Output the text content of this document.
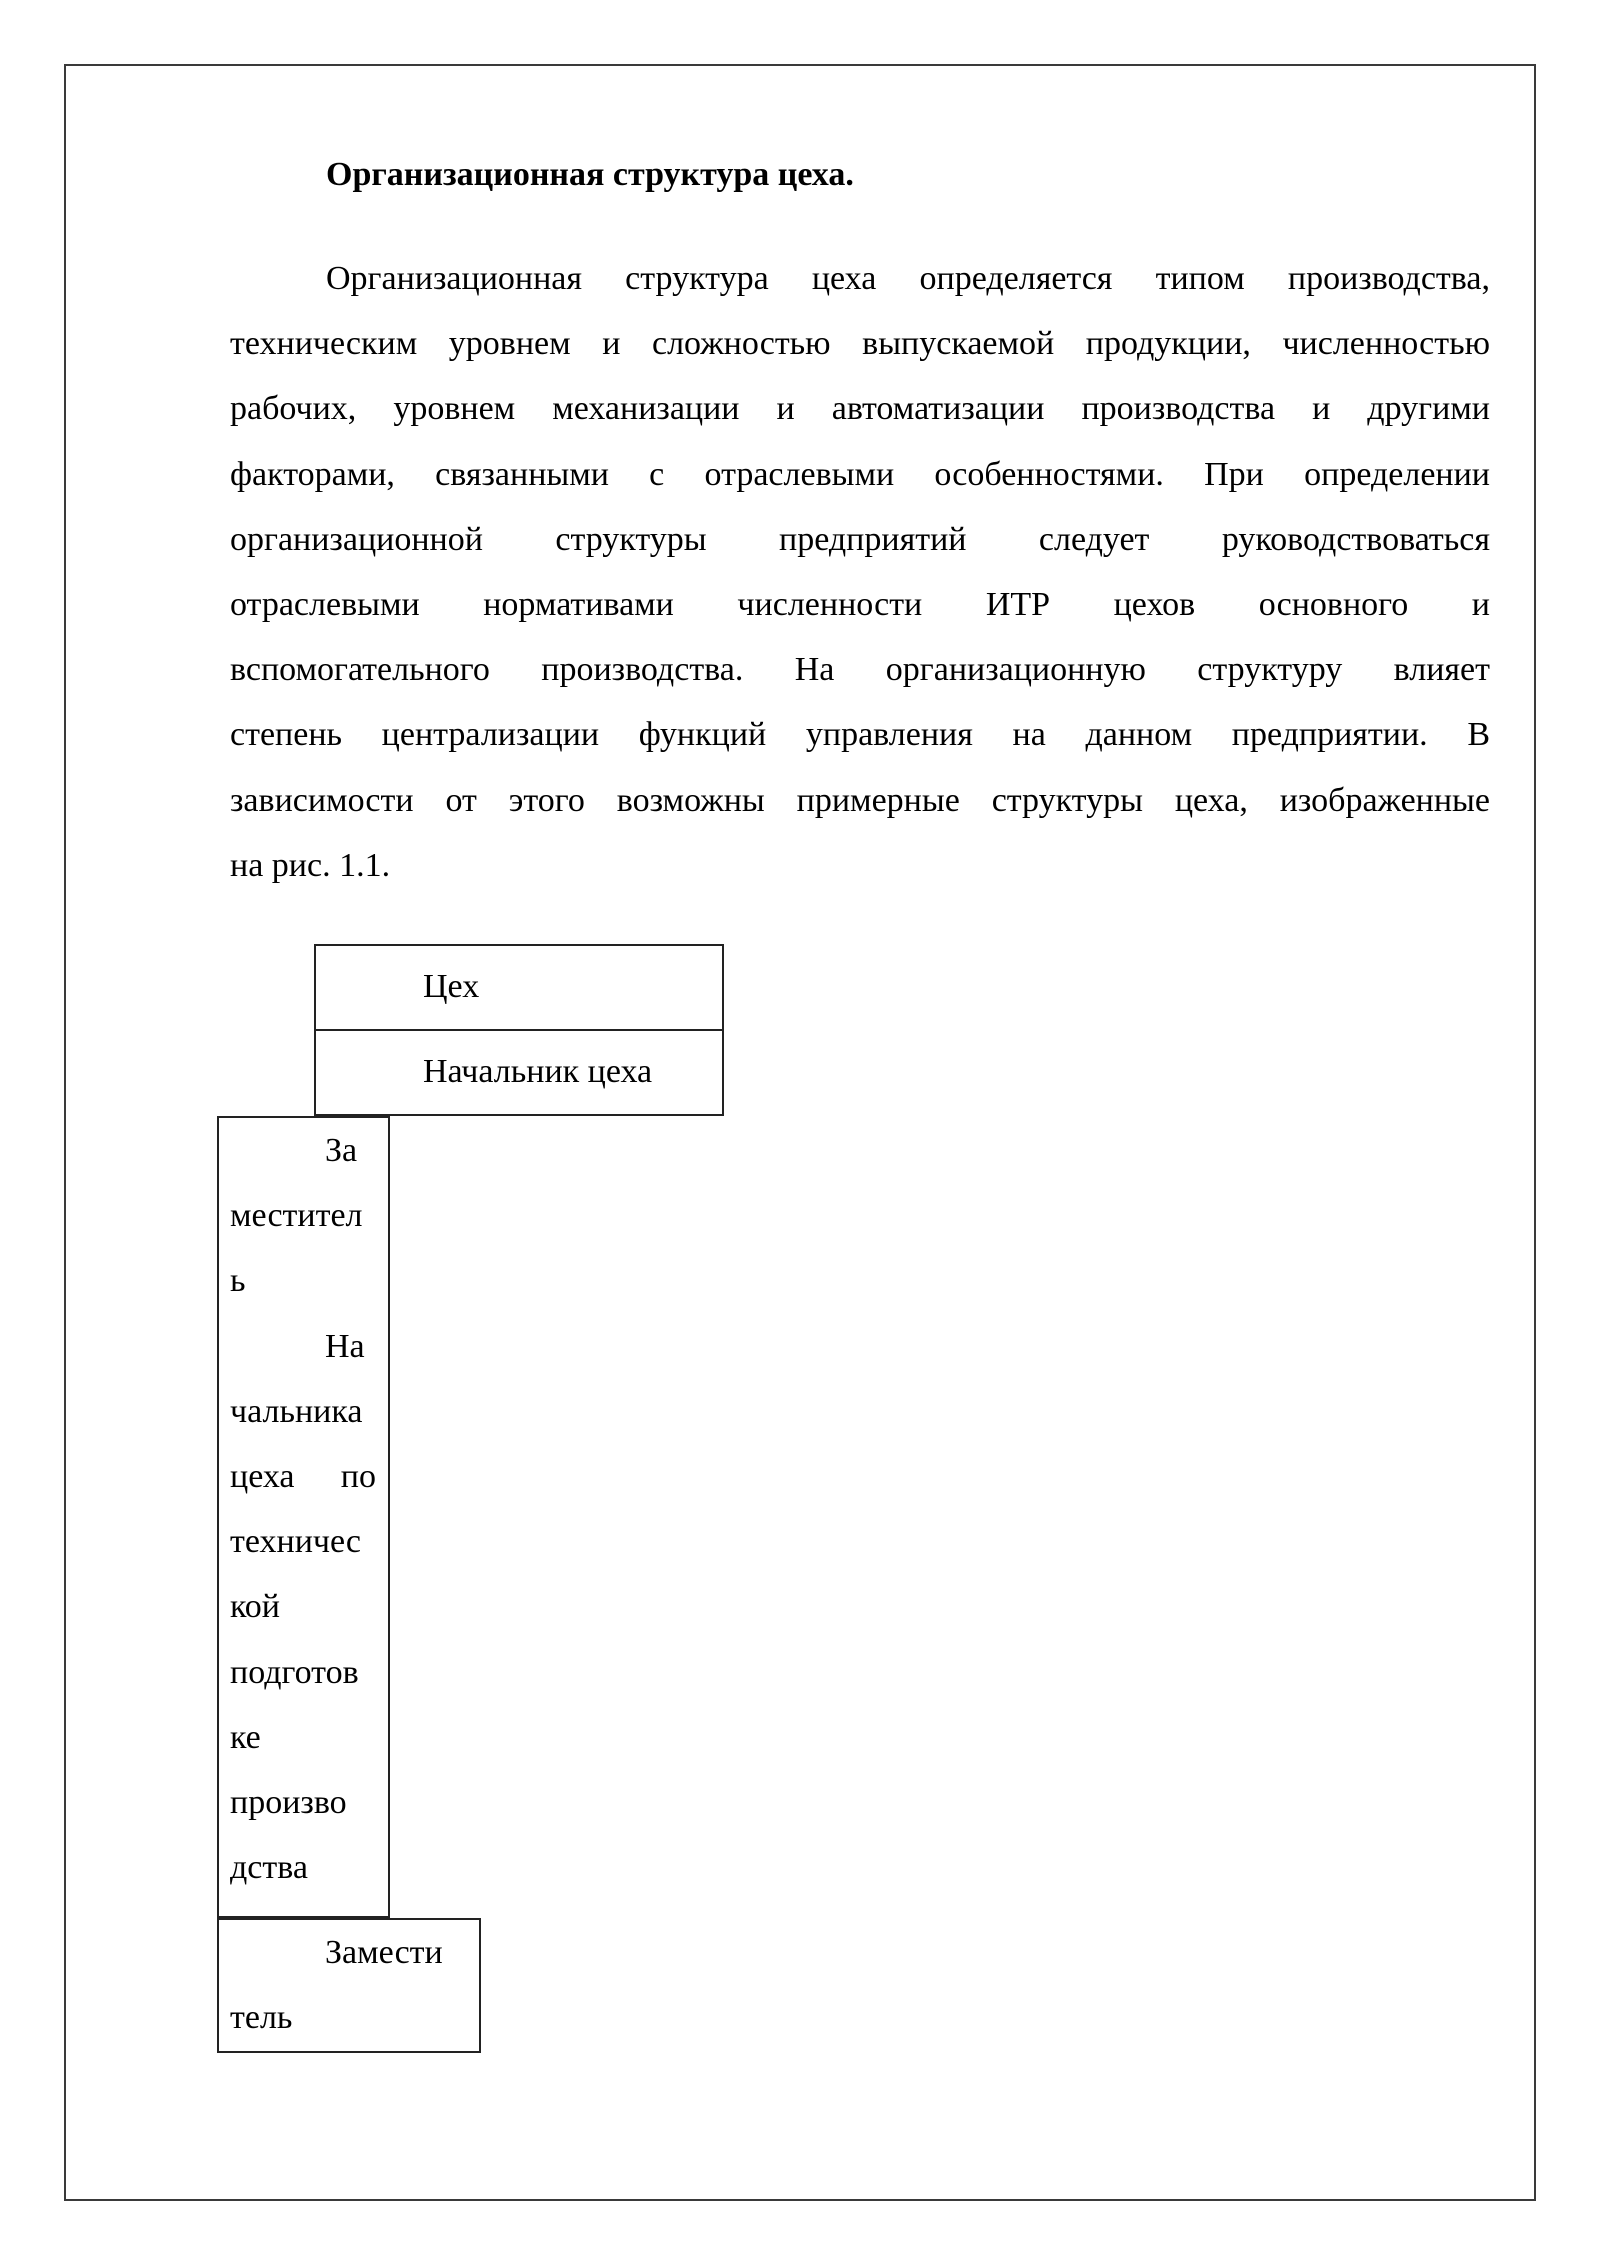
Организационная структура цеха.
Организационная структура цеха определяется типом производства,
техническим уровнем и сложностью выпускаемой продукции, численностью
рабочих, уровнем механизации и автоматизации производства и другими
факторами, связанными с отраслевыми особенностями. При определении
организационной структуры предприятий следует руководствоваться
отраслевыми нормативами численности ИТР цехов основного и
вспомогательного производства. На организационную структуру влияет
степень централизации функций управления на данном предприятии. В
зависимости от этого возможны примерные структуры цеха, изображенные
на рис. 1.1.
Цех
Начальник цеха
За
местител
ь
На
чальника
цеха по
техничес
кой
подготов
ке
произво
дства
Замести
тель
